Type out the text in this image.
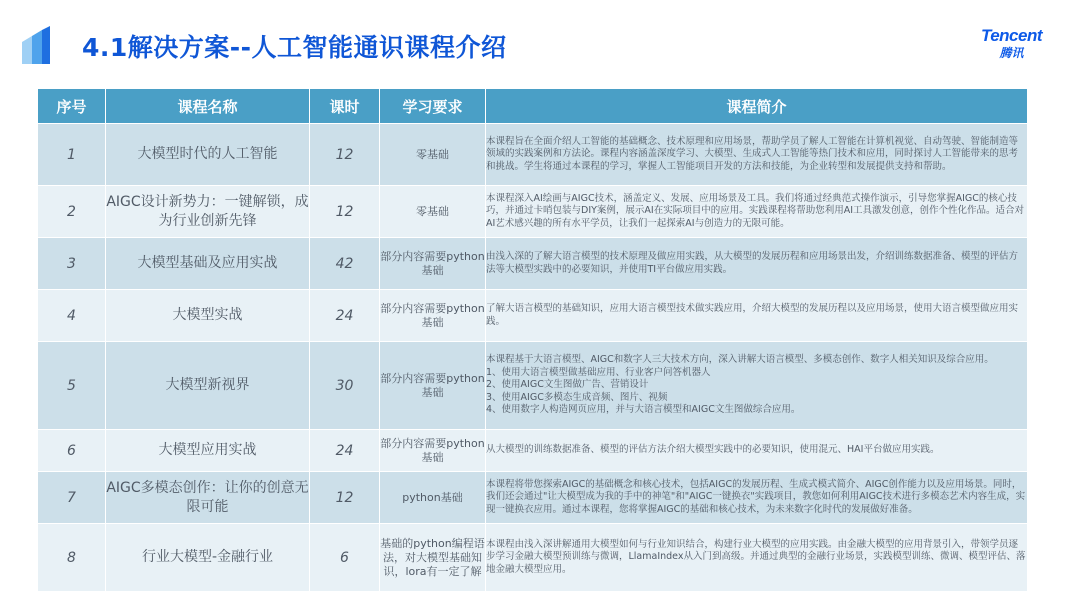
4.1解决方案--人工智能通识课程介绍	Tencent
腾讯
序号	课程名称	课时	学习要求	课程简介
1	大模型时代的人工智能	12	零基础	本课程旨在全面介绍人工智能的基础概念、技术原理和应用场景，帮助学员了解人工智能在计算机视觉、自动驾驶、智能制造等领域的实践案例和方法论。课程内容涵盖深度学习、大模型、生成式人工智能等热门技术和应用，同时探讨人工智能带来的思考和挑战。学生将通过本课程的学习，掌握人工智能项目开发的方法和技能，为企业转型和发展提供支持和帮助。
2	AIGC设计新势力：一键解锁，成为行业创新先锋	12	零基础	本课程深入AI绘画与AIGC技术，涵盖定义、发展、应用场景及工具。我们将通过经典范式操作演示，引导您掌握AIGC的核心技巧，并通过卡哨包装与DIY案例，展示AI在实际项目中的应用。实践课程将帮助您利用AI工具激发创意，创作个性化作品。适合对AI艺术感兴趣的所有水平学员，让我们一起探索AI与创造力的无限可能。
3	大模型基础及应用实战	42	部分内容需要python基础	由浅入深的了解大语言模型的技术原理及做应用实践，从大模型的发展历程和应用场景出发，介绍训练数据准备、模型的评估方法等大模型实践中的必要知识，并使用TI平台做应用实践。
4	大模型实战	24	部分内容需要python基础	了解大语言模型的基础知识，应用大语言模型技术做实践应用，介绍大模型的发展历程以及应用场景，使用大语言模型做应用实践。
5	大模型新视界	30	部分内容需要python基础	本课程基于大语言模型、AIGC和数字人三大技术方向，深入讲解大语言模型、多模态创作、数字人相关知识及综合应用。
1、使用大语言模型做基础应用、行业客户问答机器人
2、使用AIGC文生图做广告、营销设计
3、使用AIGC多模态生成音频、图片、视频
4、使用数字人构造网页应用，并与大语言模型和AIGC文生图做综合应用。

6	大模型应用实战	24	部分内容需要python基础	从大模型的训练数据准备、模型的评估方法介绍大模型实践中的必要知识，使用混元、HAI平台做应用实践。
7	AIGC多模态创作：让你的创意无限可能	12	python基础	本课程将带您探索AIGC的基础概念和核心技术，包括AIGC的发展历程、生成式模式简介、AIGC创作能力以及应用场景。同时，我们还会通过"让大模型成为我的手中的神笔"和"AIGC一键换衣"实践项目，教您如何利用AIGC技术进行多模态艺术内容生成，实现一键换衣应用。通过本课程，您将掌握AIGC的基础和核心技术，为未来数字化时代的发展做好准备。
8	行业大模型-金融行业	6	基础的python编程语法，对大模型基础知识，lora有一定了解	本课程由浅入深讲解通用大模型如何与行业知识结合，构建行业大模型的应用实践。由金融大模型的应用背景引入，带领学员逐步学习金融大模型预训练与微调，LlamaIndex从入门到高级。并通过典型的金融行业场景，实践模型训练、微调、模型评估、落地金融大模型应用。
